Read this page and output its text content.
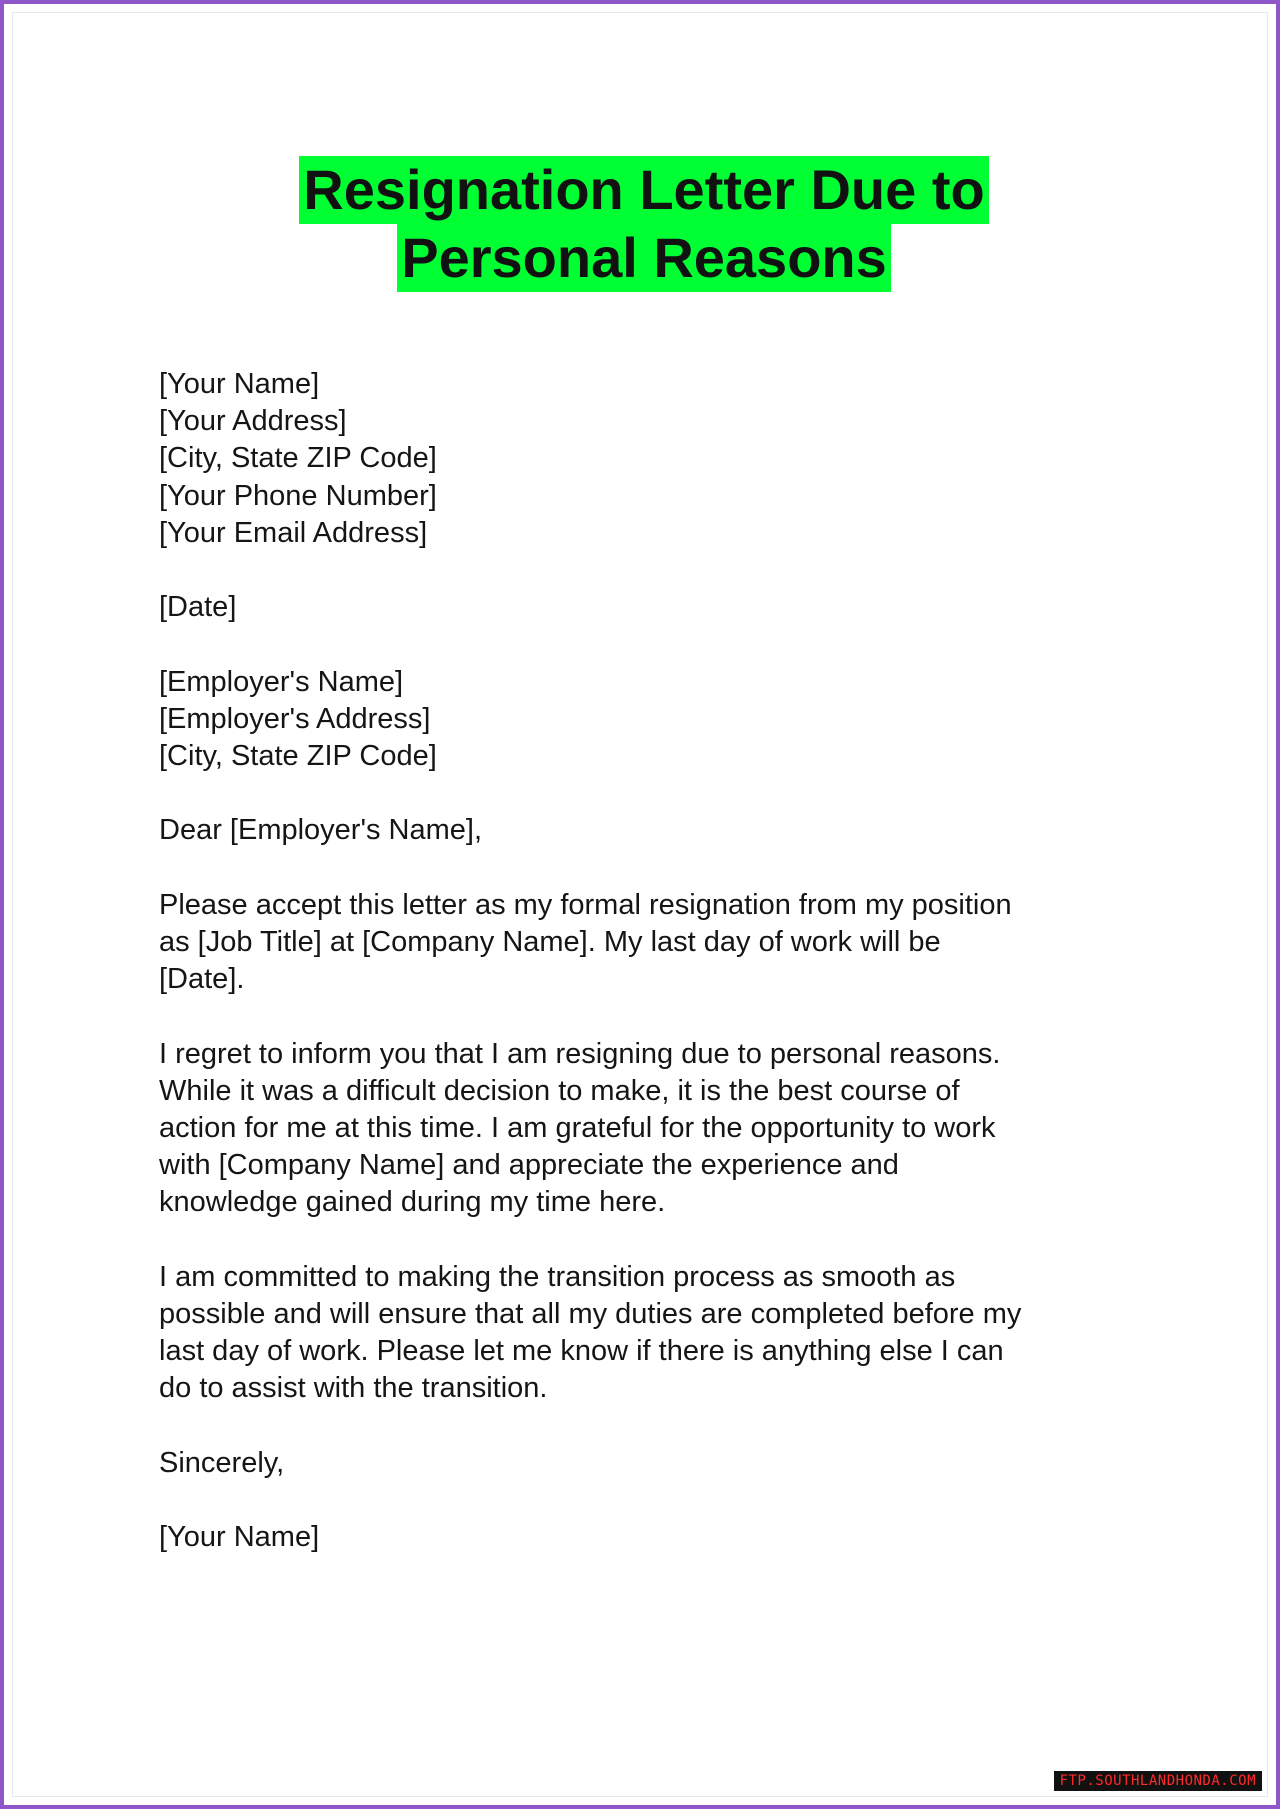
Resignation Letter Due to
Personal Reasons
[Your Name]
[Your Address]
[City, State ZIP Code]
[Your Phone Number]
[Your Email Address]
[Date]
[Employer's Name]
[Employer's Address]
[City, State ZIP Code]
Dear [Employer's Name],
Please accept this letter as my formal resignation from my position
as [Job Title] at [Company Name]. My last day of work will be
[Date].
I regret to inform you that I am resigning due to personal reasons.
While it was a difficult decision to make, it is the best course of
action for me at this time. I am grateful for the opportunity to work
with [Company Name] and appreciate the experience and
knowledge gained during my time here.
I am committed to making the transition process as smooth as
possible and will ensure that all my duties are completed before my
last day of work. Please let me know if there is anything else I can
do to assist with the transition.
Sincerely,
[Your Name]
FTP.SOUTHLANDHONDA.COM
